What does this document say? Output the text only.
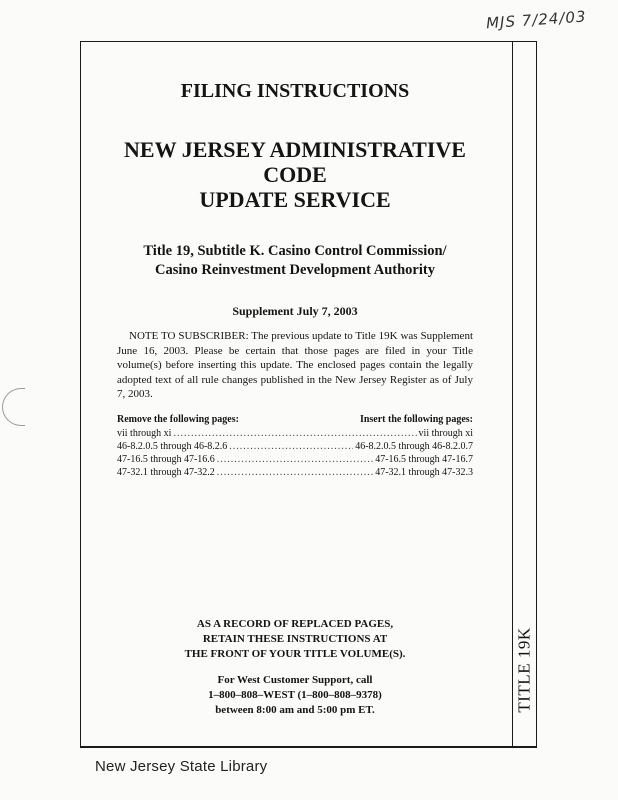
MJS 7/24/03
TITLE 19K
FILING INSTRUCTIONS
NEW JERSEY ADMINISTRATIVE CODE
UPDATE SERVICE
Title 19, Subtitle K. Casino Control Commission/
Casino Reinvestment Development Authority
Supplement July 7, 2003

NOTE TO SUBSCRIBER: The previous update to Title 19K was Supplement June 16, 2003. Please be certain that those pages are filed in your Title volume(s) before inserting this update. The enclosed pages contain the legally adopted text of all rule changes published in the New Jersey Register as of July 7, 2003.

Remove the following pages:	Insert the following pages:
vii through xi .....	vii through xi
46-8.2.0.5 through 46-8.2.6 .....	46-8.2.0.5 through 46-8.2.0.7
47-16.5 through 47-16.6 .....	47-16.5 through 47-16.7
47-32.1 through 47-32.2 .....	47-32.1 through 47-32.3
AS A RECORD OF REPLACED PAGES,
RETAIN THESE INSTRUCTIONS AT
THE FRONT OF YOUR TITLE VOLUME(S).
For West Customer Support, call
1–800–808–WEST (1–800–808–9378)
between 8:00 am and 5:00 pm ET.
New Jersey State Library
